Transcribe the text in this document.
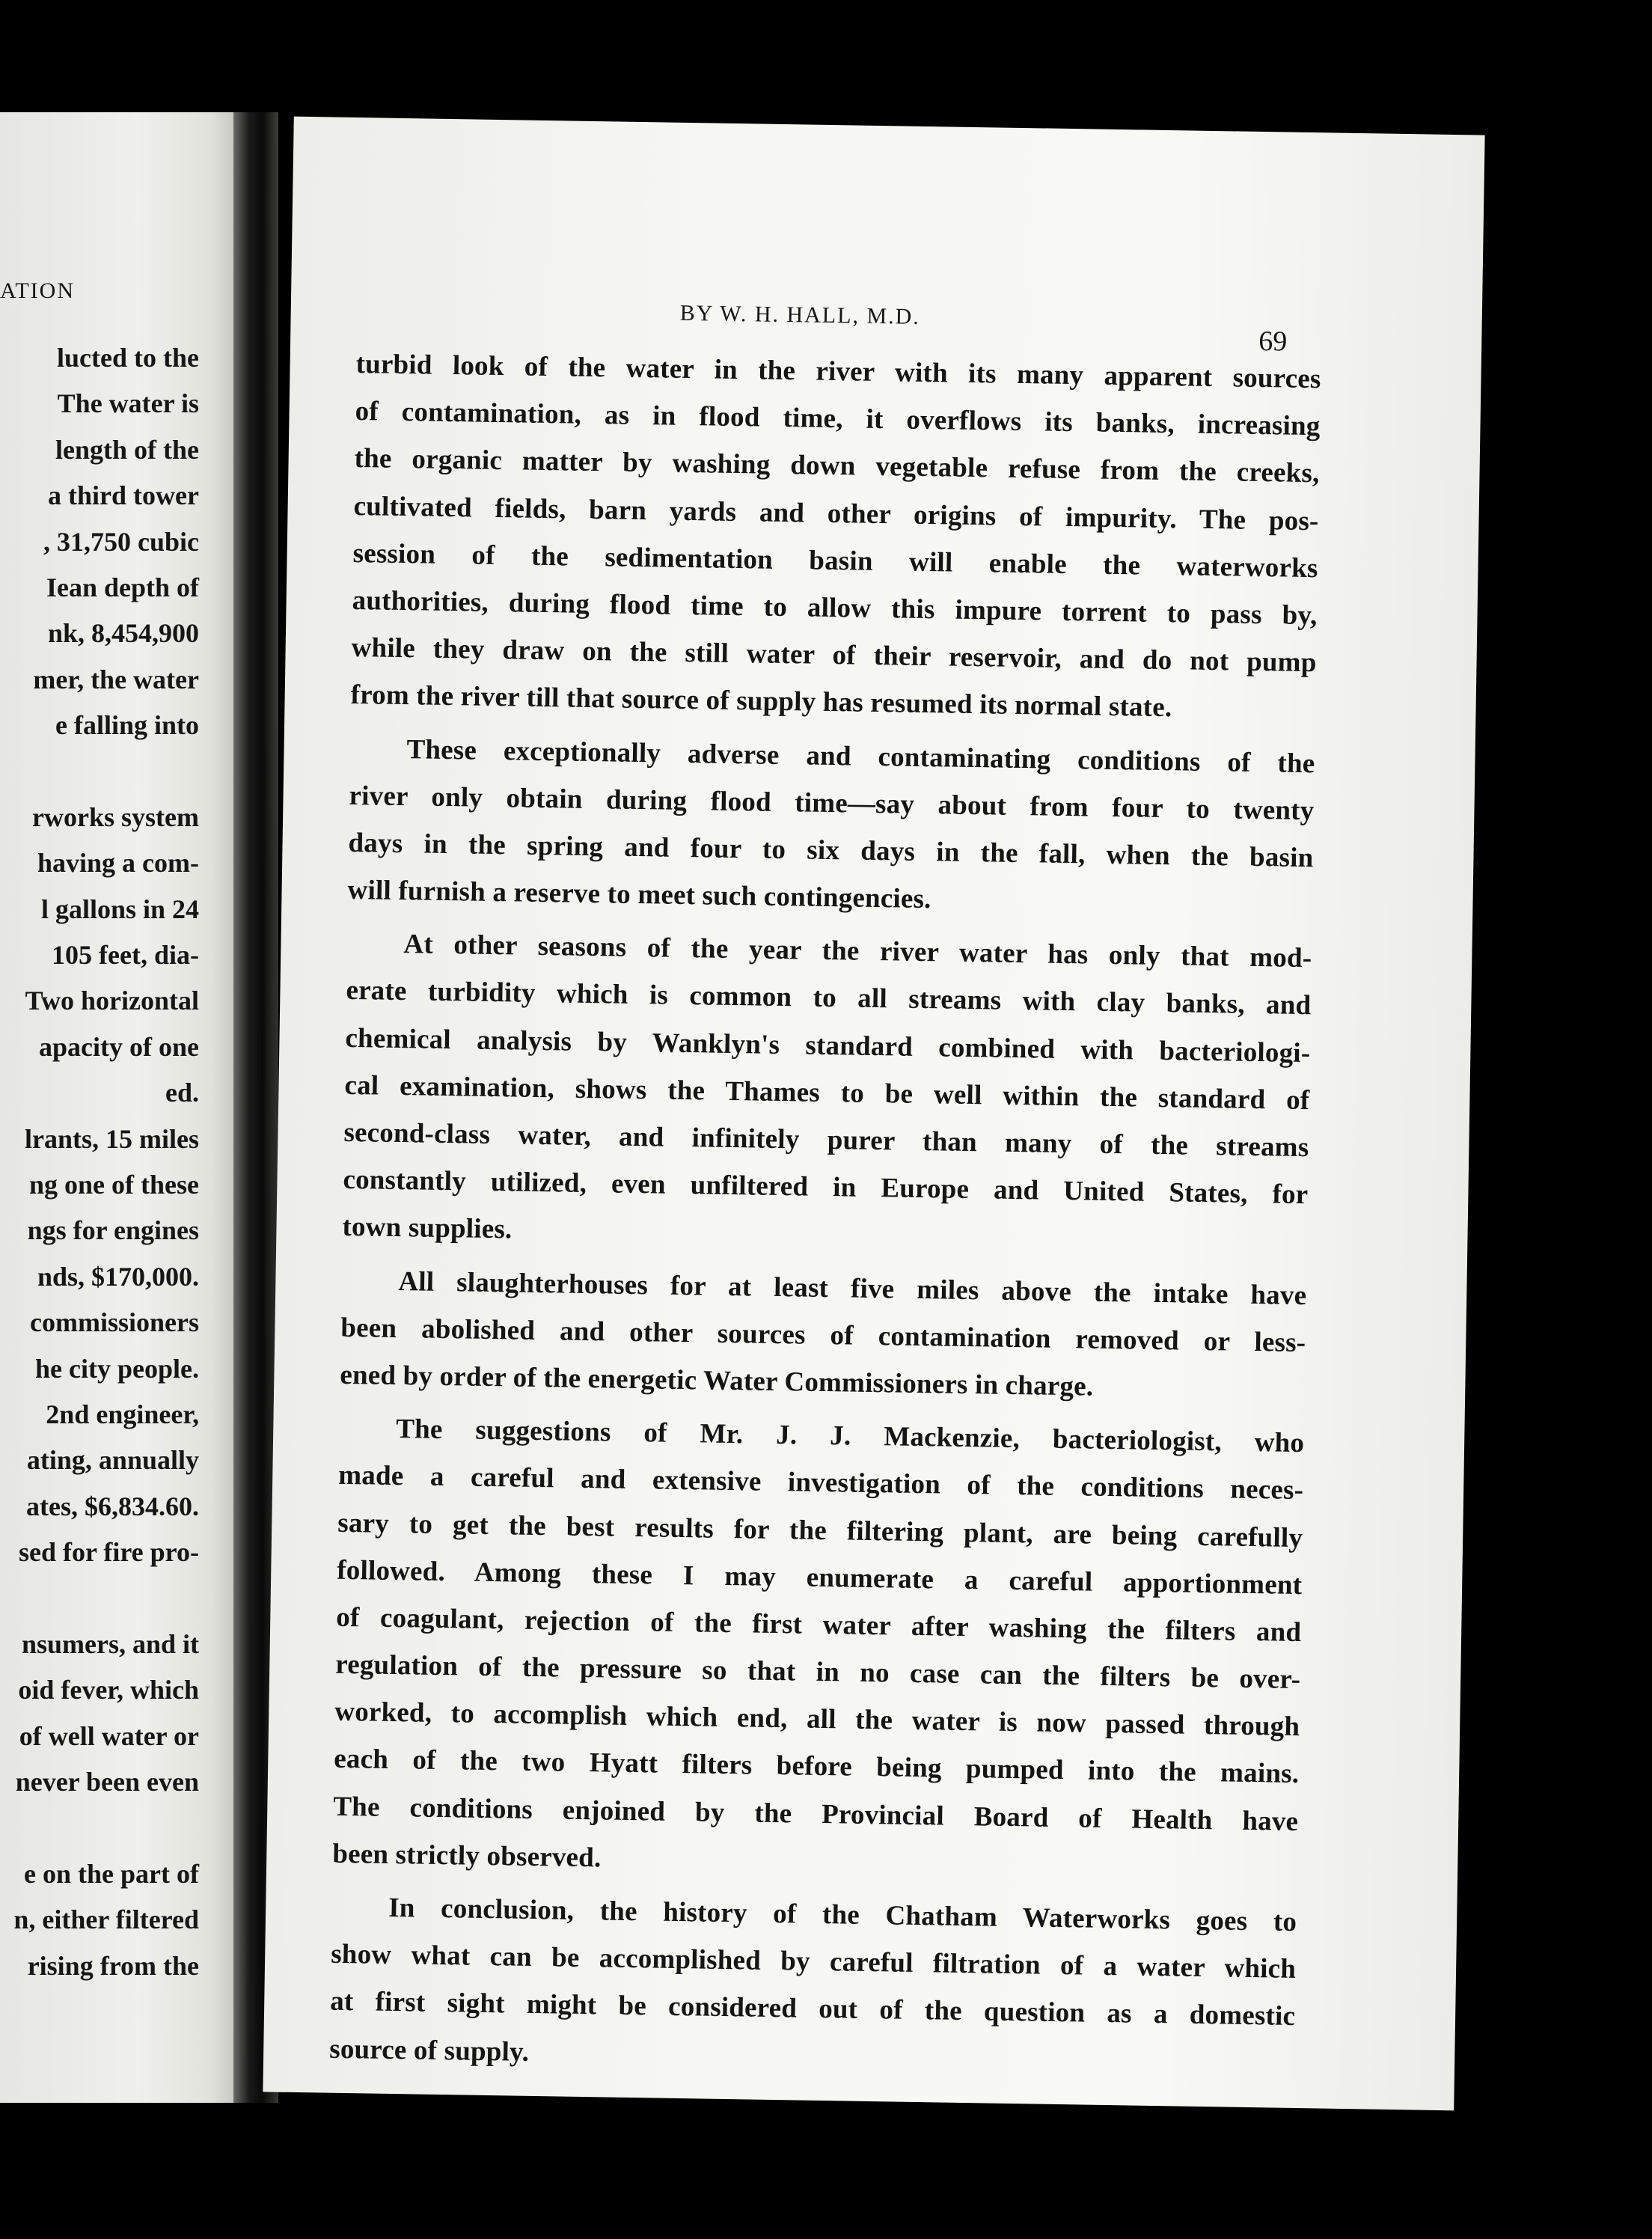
ATION
lucted to the
The water is
length of the
a third tower
, 31,750 cubic
Iean depth of
nk, 8,454,900
mer, the water
e falling into
rworks system
having a com-
l gallons in 24
105 feet, dia-
Two horizontal
apacity of one
ed.
lrants, 15 miles
ng one of these
ngs for engines
nds, $170,000.
commissioners
he city people.
2nd engineer,
ating, annually
ates, $6,834.60.
sed for fire pro-
nsumers, and it
oid fever, which
of well water or
never been even
e on the part of
n, either filtered
rising from the
BY W. H. HALL, M.D.
69
turbid look of the water in the river with its many apparent sources
of contamination, as in flood time, it overflows its banks, increasing
the organic matter by washing down vegetable refuse from the creeks,
cultivated fields, barn yards and other origins of impurity. The pos-
session of the sedimentation basin will enable the waterworks
authorities, during flood time to allow this impure torrent to pass by,
while they draw on the still water of their reservoir, and do not pump
from the river till that source of supply has resumed its normal state.
These exceptionally adverse and contaminating conditions of the
river only obtain during flood time—say about from four to twenty
days in the spring and four to six days in the fall, when the basin
will furnish a reserve to meet such contingencies.
At other seasons of the year the river water has only that mod-
erate turbidity which is common to all streams with clay banks, and
chemical analysis by Wanklyn's standard combined with bacteriologi-
cal examination, shows the Thames to be well within the standard of
second-class water, and infinitely purer than many of the streams
constantly utilized, even unfiltered in Europe and United States, for
town supplies.
All slaughterhouses for at least five miles above the intake have
been abolished and other sources of contamination removed or less-
ened by order of the energetic Water Commissioners in charge.
The suggestions of Mr. J. J. Mackenzie, bacteriologist, who
made a careful and extensive investigation of the conditions neces-
sary to get the best results for the filtering plant, are being carefully
followed. Among these I may enumerate a careful apportionment
of coagulant, rejection of the first water after washing the filters and
regulation of the pressure so that in no case can the filters be over-
worked, to accomplish which end, all the water is now passed through
each of the two Hyatt filters before being pumped into the mains.
The conditions enjoined by the Provincial Board of Health have
been strictly observed.
In conclusion, the history of the Chatham Waterworks goes to
show what can be accomplished by careful filtration of a water which
at first sight might be considered out of the question as a domestic
source of supply.
